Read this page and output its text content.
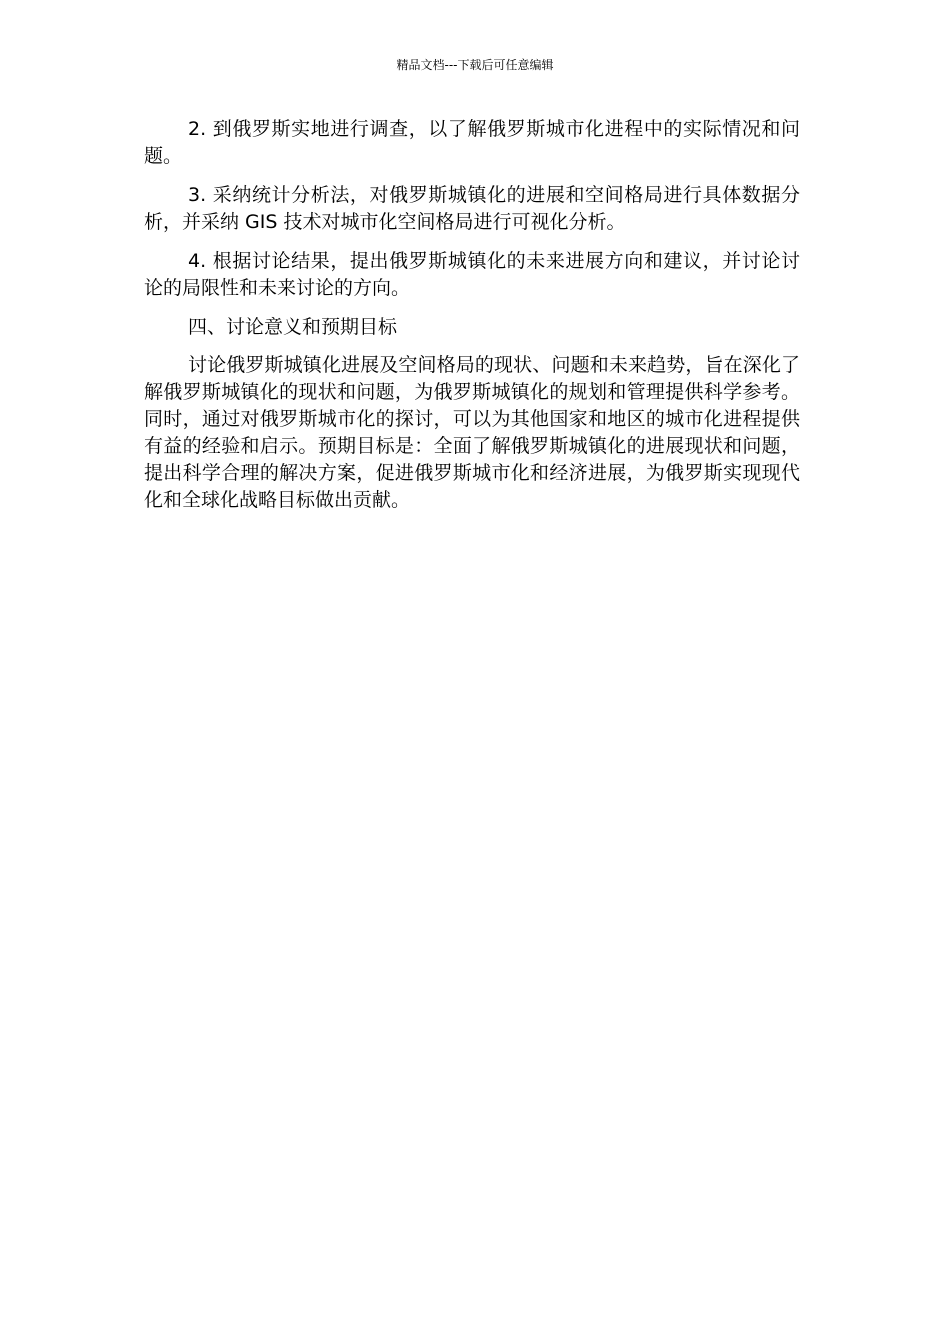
精品文档---下载后可任意编辑

2. 到俄罗斯实地进行调查，以了解俄罗斯城市化进程中的实际情况和问题。

3. 采纳统计分析法，对俄罗斯城镇化的进展和空间格局进行具体数据分析，并采纳 GIS 技术对城市化空间格局进行可视化分析。

4. 根据讨论结果，提出俄罗斯城镇化的未来进展方向和建议，并讨论讨论的局限性和未来讨论的方向。

四、讨论意义和预期目标

讨论俄罗斯城镇化进展及空间格局的现状、问题和未来趋势，旨在深化了解俄罗斯城镇化的现状和问题，为俄罗斯城镇化的规划和管理提供科学参考。同时，通过对俄罗斯城市化的探讨，可以为其他国家和地区的城市化进程提供有益的经验和启示。预期目标是：全面了解俄罗斯城镇化的进展现状和问题，提出科学合理的解决方案，促进俄罗斯城市化和经济进展，为俄罗斯实现现代化和全球化战略目标做出贡献。
